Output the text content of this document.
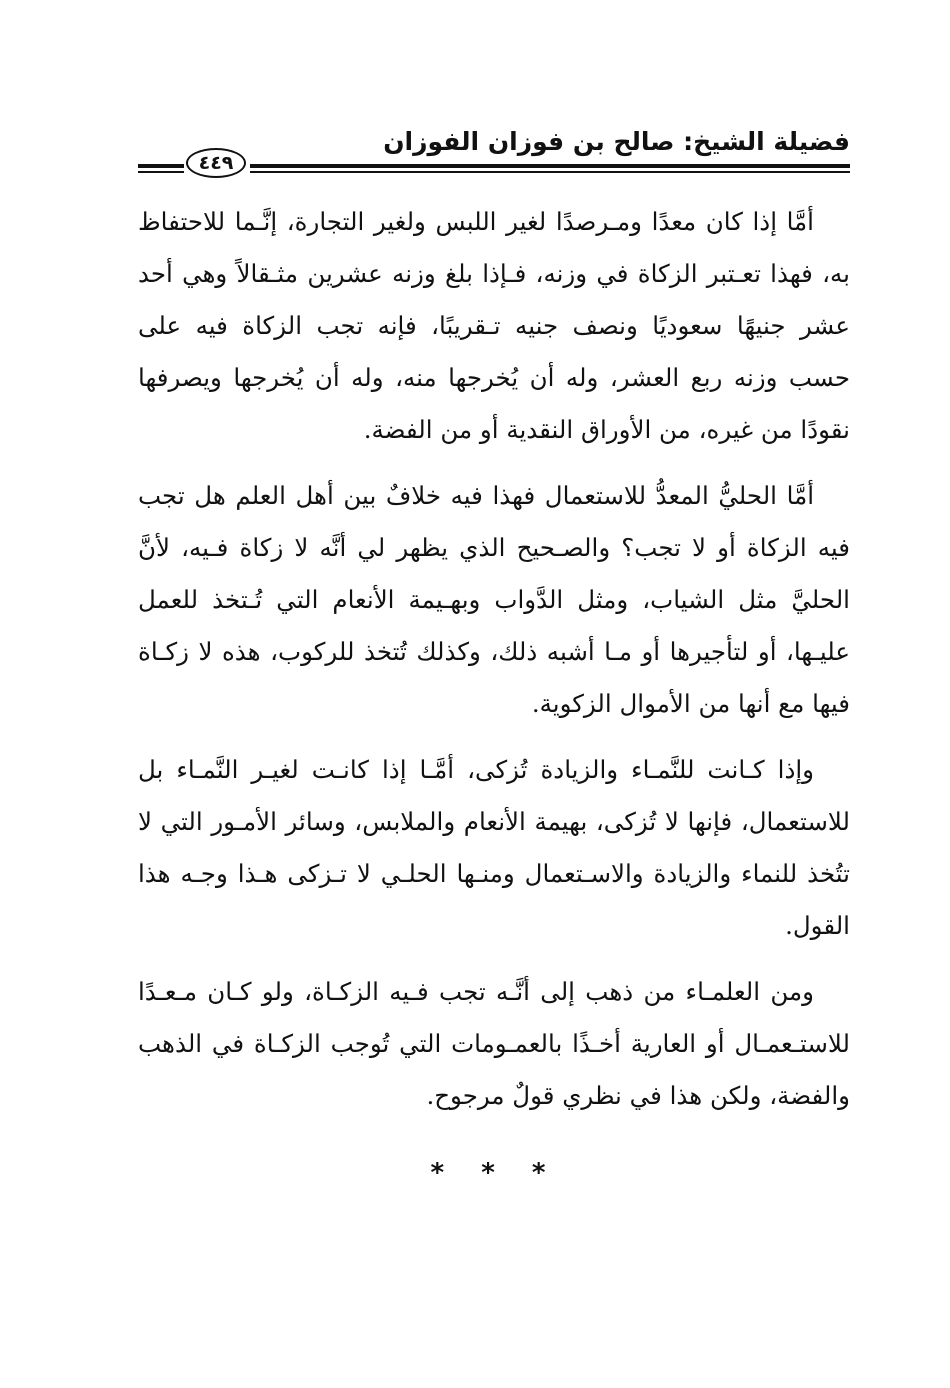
فضيلة الشيخ: صالح بن فوزان الفوزان
٤٤٩

أمَّا إذا كان معدًا ومـرصدًا لغير اللبس ولغير التجارة، إنَّـما للاحتفاظ به، فهذا تعـتبر الزكاة في وزنه، فـإذا بلغ وزنه عشرين مثـقالاً وهي أحد عشر جنيهًا سعوديًا ونصف جنيه تـقريبًا، فإنه تجب الزكاة فيه على حسب وزنه ربع العشر، وله أن يُخرجها منه، وله أن يُخرجها ويصرفها نقودًا من غيره، من الأوراق النقدية أو من الفضة.

أمَّا الحليُّ المعدُّ للاستعمال فهذا فيه خلافٌ بين أهل العلم هل تجب فيه الزكاة أو لا تجب؟ والصـحيح الذي يظهر لي أنَّه لا زكاة فـيه، لأنَّ الحليَّ مثل الشياب، ومثل الدَّواب وبهـيمة الأنعام التي تُـتخذ للعمل عليـها، أو لتأجيرها أو مـا أشبه ذلك، وكذلك تُتخذ للركوب، هذه لا زكـاة فيها مع أنها من الأموال الزكوية.

وإذا كـانت للنَّمـاء والزيادة تُزكى، أمَّـا إذا كانـت لغيـر النَّمـاء بل للاستعمال، فإنها لا تُزكى، بهيمة الأنعام والملابس، وسائر الأمـور التي لا تتُخذ للنماء والزيادة والاسـتعمال ومنـها الحلـي لا تـزكى هـذا وجـه هذا القول.

ومن العلمـاء من ذهب إلى أنَّـه تجب فـيه الزكـاة، ولو كـان مـعـدًا للاستـعمـال أو العارية أخـذًا بالعمـومات التي تُوجب الزكـاة في الذهب والفضة، ولكن هذا في نظري قولٌ مرجوح.

* * *
